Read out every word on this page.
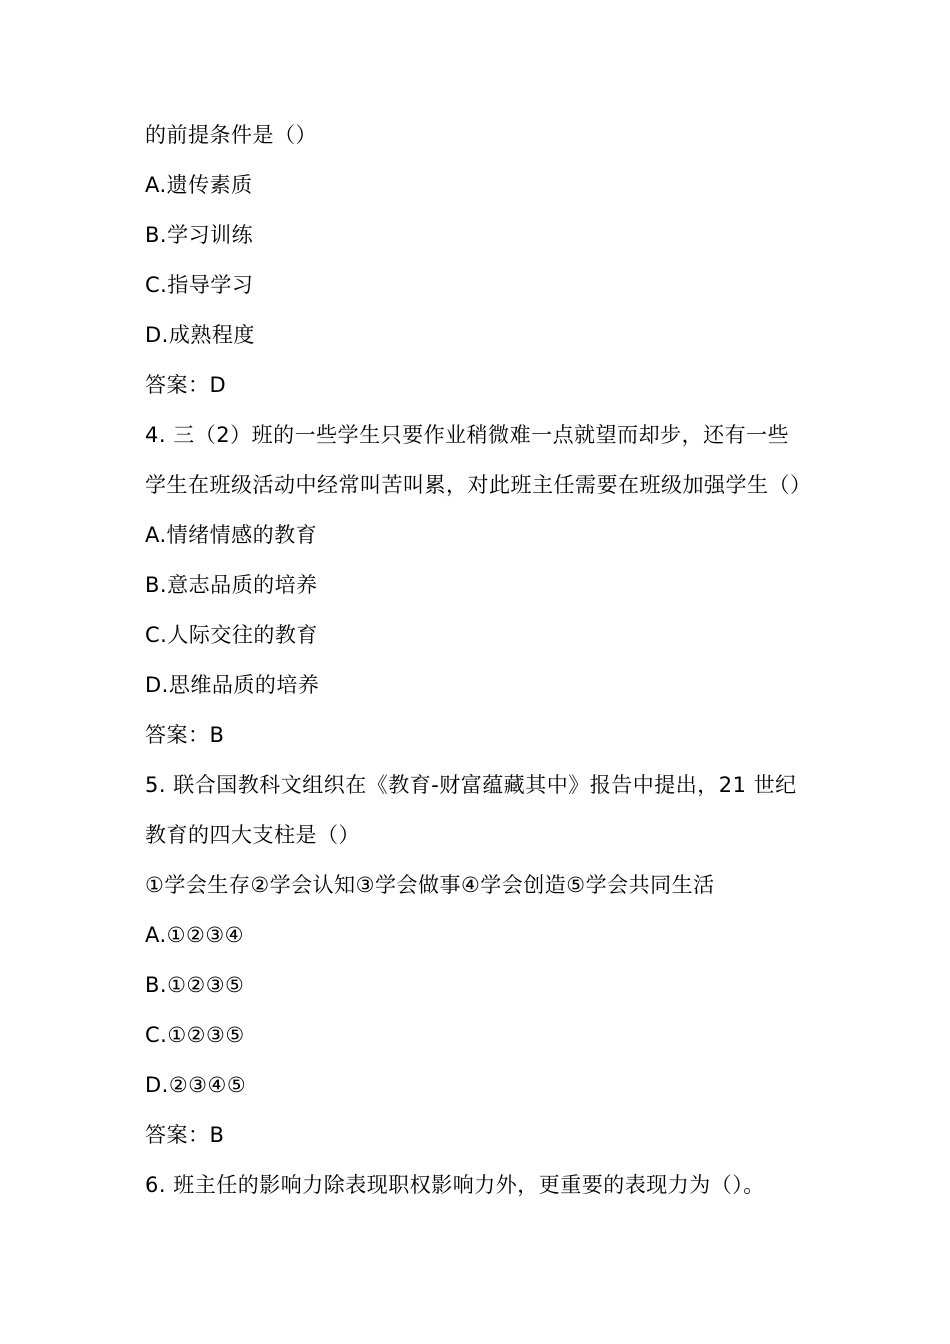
的前提条件是（）
A.遗传素质
B.学习训练
C.指导学习
D.成熟程度
答案：D
4. 三（2）班的一些学生只要作业稍微难一点就望而却步，还有一些
学生在班级活动中经常叫苦叫累，对此班主任需要在班级加强学生（）
A.情绪情感的教育
B.意志品质的培养
C.人际交往的教育
D.思维品质的培养
答案：B
5. 联合国教科文组织在《教育-财富蕴藏其中》报告中提出，21 世纪
教育的四大支柱是（）
①学会生存②学会认知③学会做事④学会创造⑤学会共同生活
A.①②③④
B.①②③⑤
C.①②③⑤
D.②③④⑤
答案：B
6. 班主任的影响力除表现职权影响力外，更重要的表现力为（）。
